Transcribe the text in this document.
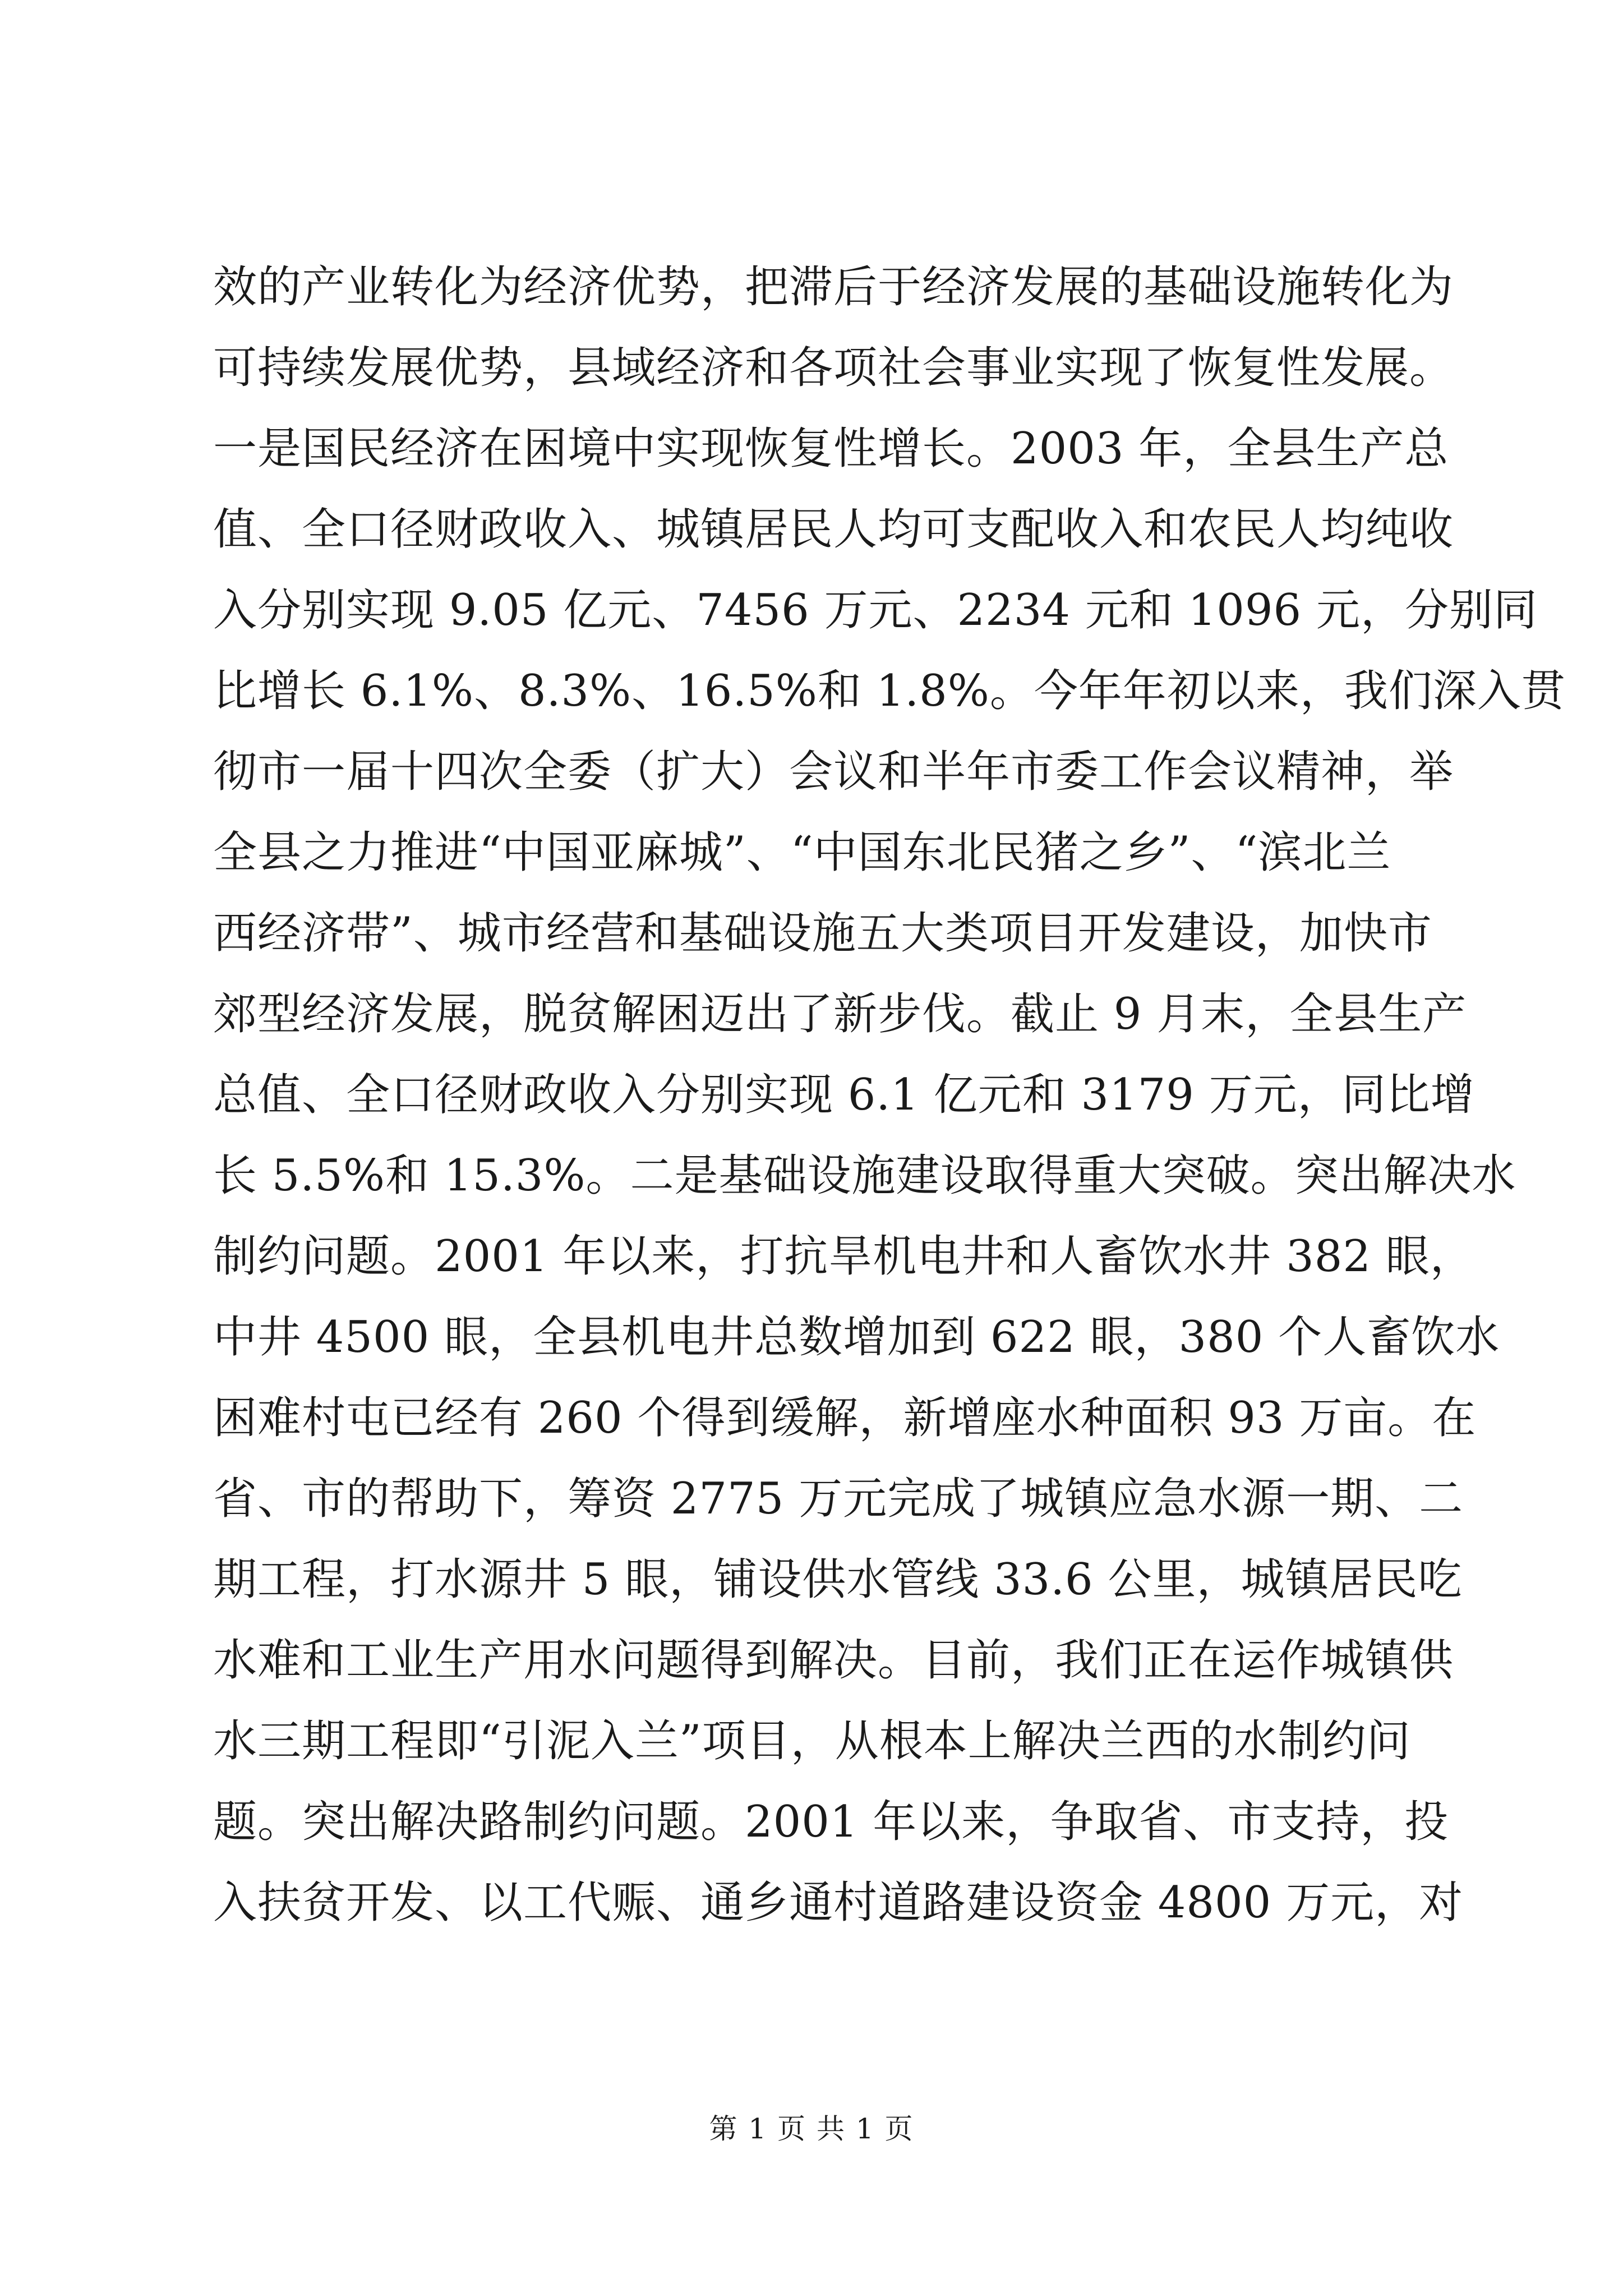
效的产业转化为经济优势，把滞后于经济发展的基础设施转化为
可持续发展优势，县域经济和各项社会事业实现了恢复性发展。
一是国民经济在困境中实现恢复性增长。2003 年，全县生产总
值、全口径财政收入、城镇居民人均可支配收入和农民人均纯收
入分别实现 9.05 亿元、7456 万元、2234 元和 1096 元，分别同
比增长 6.1%、8.3%、16.5%和 1.8%。今年年初以来，我们深入贯
彻市一届十四次全委（扩大）会议和半年市委工作会议精神，举
全县之力推进“中国亚麻城”、“中国东北民猪之乡”、“滨北兰
西经济带”、城市经营和基础设施五大类项目开发建设，加快市
郊型经济发展，脱贫解困迈出了新步伐。截止 9 月末，全县生产
总值、全口径财政收入分别实现 6.1 亿元和 3179 万元，同比增
长 5.5%和 15.3%。二是基础设施建设取得重大突破。突出解决水
制约问题。2001 年以来，打抗旱机电井和人畜饮水井 382 眼，
中井 4500 眼，全县机电井总数增加到 622 眼，380 个人畜饮水
困难村屯已经有 260 个得到缓解，新增座水种面积 93 万亩。在
省、市的帮助下，筹资 2775 万元完成了城镇应急水源一期、二
期工程，打水源井 5 眼，铺设供水管线 33.6 公里，城镇居民吃
水难和工业生产用水问题得到解决。目前，我们正在运作城镇供
水三期工程即“引泥入兰”项目，从根本上解决兰西的水制约问
题。突出解决路制约问题。2001 年以来，争取省、市支持，投
入扶贫开发、以工代赈、通乡通村道路建设资金 4800 万元，对
第 1 页 共 1 页
